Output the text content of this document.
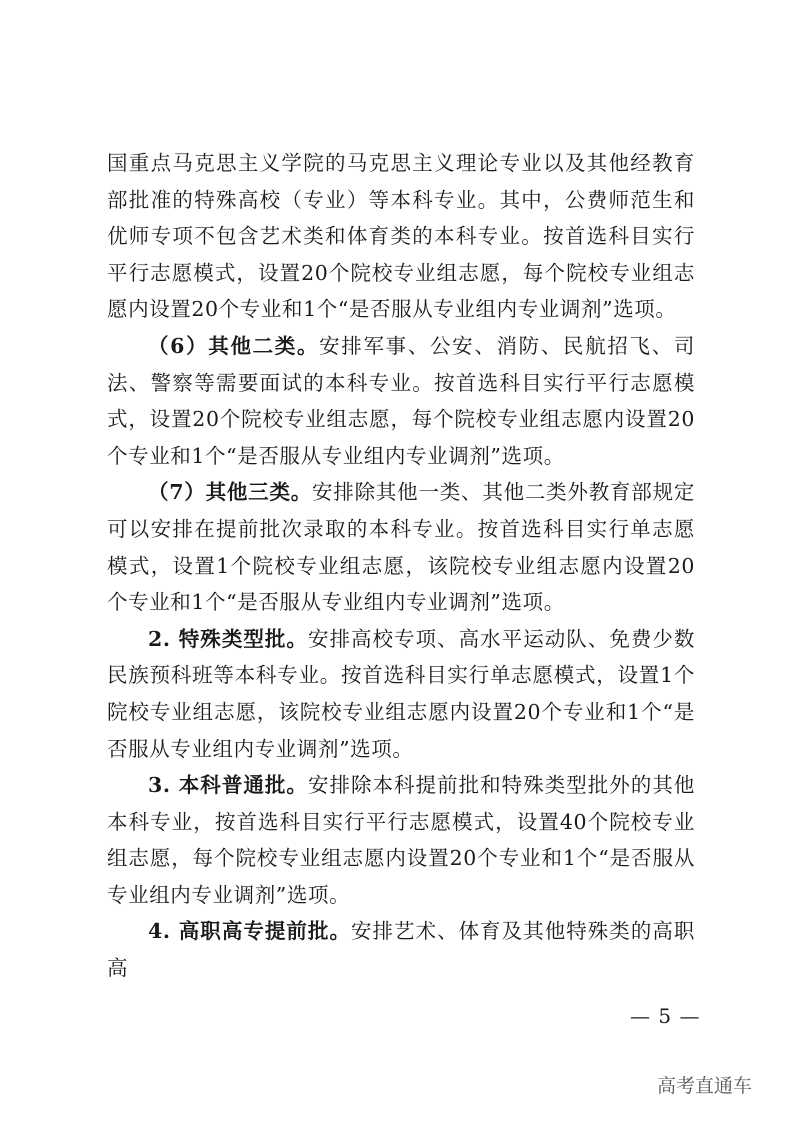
国重点马克思主义学院的马克思主义理论专业以及其他经教育部批准的特殊高校（专业）等本科专业。其中，公费师范生和优师专项不包含艺术类和体育类的本科专业。按首选科目实行平行志愿模式，设置20个院校专业组志愿，每个院校专业组志愿内设置20个专业和1个“是否服从专业组内专业调剂”选项。

（6）其他二类。安排军事、公安、消防、民航招飞、司法、警察等需要面试的本科专业。按首选科目实行平行志愿模式，设置20个院校专业组志愿，每个院校专业组志愿内设置20个专业和1个“是否服从专业组内专业调剂”选项。

（7）其他三类。安排除其他一类、其他二类外教育部规定可以安排在提前批次录取的本科专业。按首选科目实行单志愿模式，设置1个院校专业组志愿，该院校专业组志愿内设置20个专业和1个“是否服从专业组内专业调剂”选项。

2. 特殊类型批。安排高校专项、高水平运动队、免费少数民族预科班等本科专业。按首选科目实行单志愿模式，设置1个院校专业组志愿，该院校专业组志愿内设置20个专业和1个“是否服从专业组内专业调剂”选项。

3. 本科普通批。安排除本科提前批和特殊类型批外的其他本科专业，按首选科目实行平行志愿模式，设置40个院校专业组志愿，每个院校专业组志愿内设置20个专业和1个“是否服从专业组内专业调剂”选项。

4. 高职高专提前批。安排艺术、体育及其他特殊类的高职高

— 5 —
高考直通车
